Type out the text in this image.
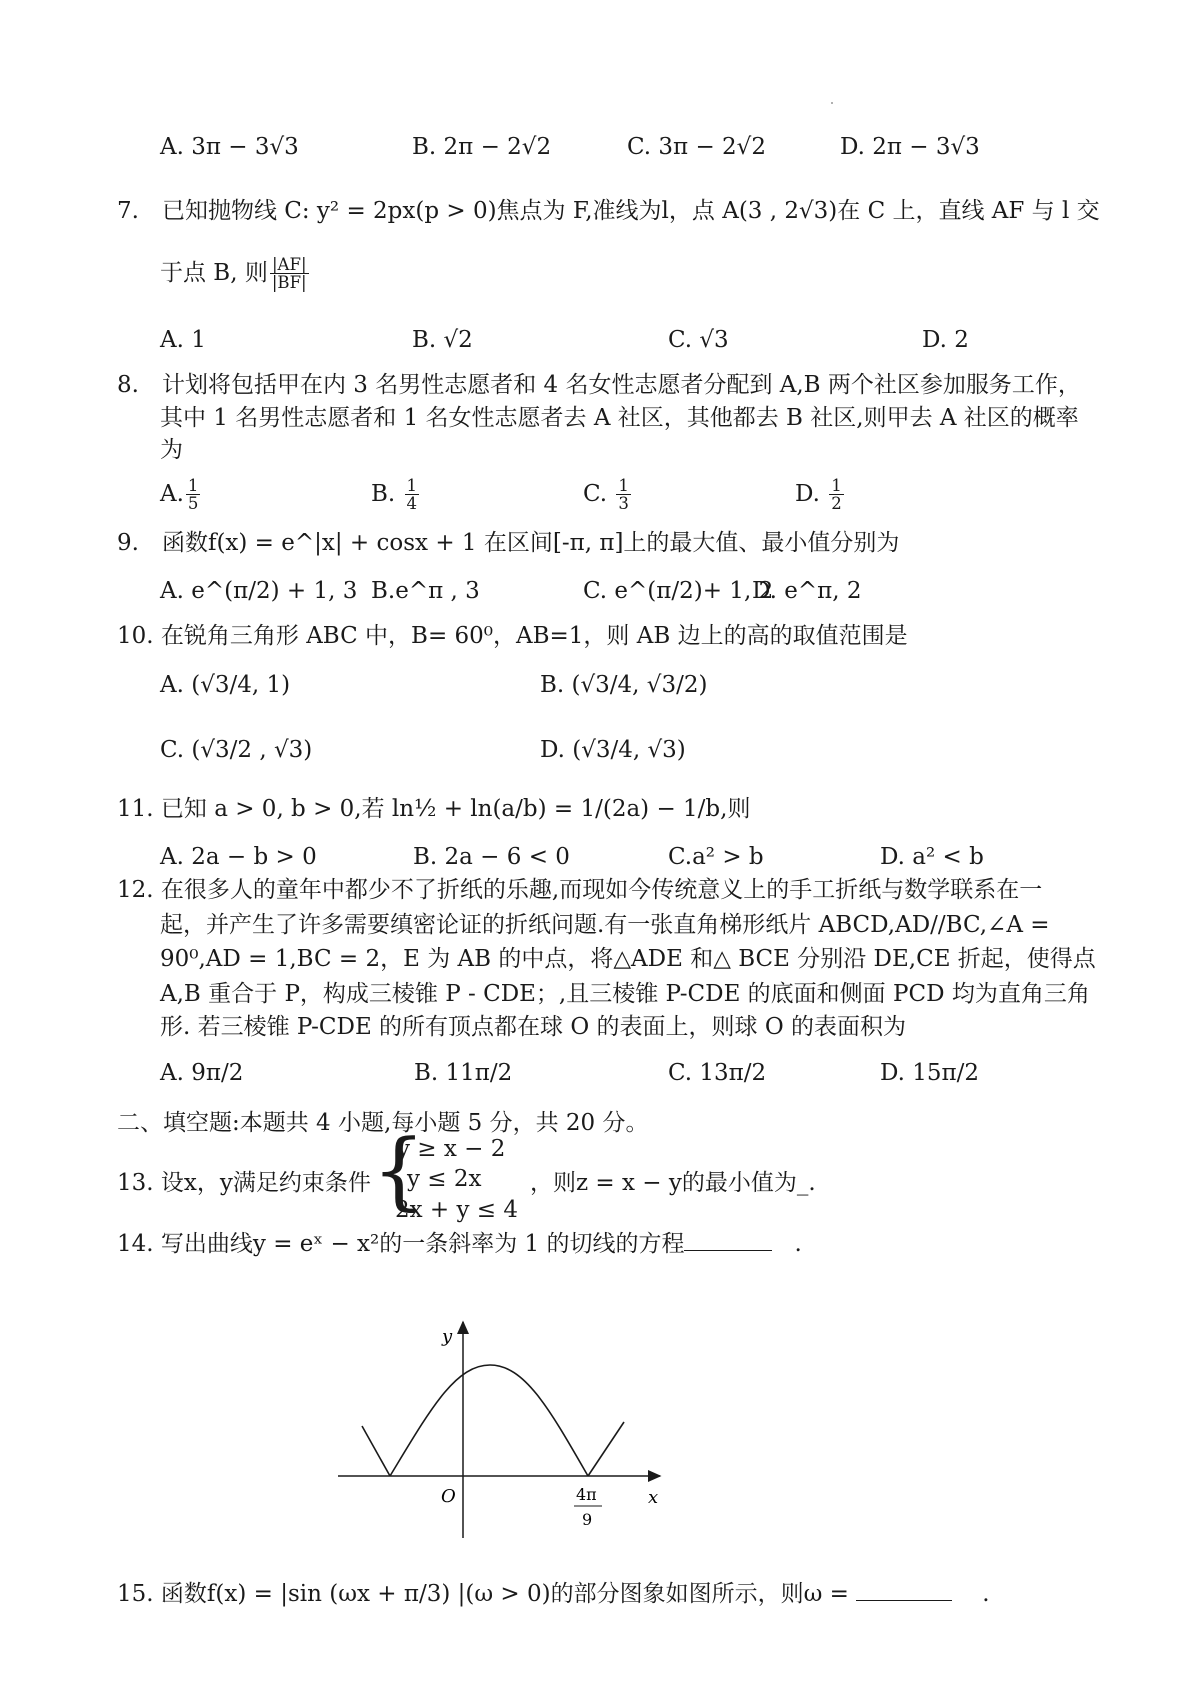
A. 3π − 3√3	B. 2π − 2√2	C. 3π − 2√2	D. 2π − 3√3
7.　已知抛物线 C: y² = 2px(p > 0)焦点为 F,准线为l，点 A(3 , 2√3)在 C 上，直线 AF 与 l 交
于点 B, 则 $\frac{|AF|}{|BF|}$
A. 1	B. √2	C. √3	D. 2
8.　计划将包括甲在内 3 名男性志愿者和 4 名女性志愿者分配到 A,B 两个社区参加服务工作，
其中 1 名男性志愿者和 1 名女性志愿者去 A 社区，其他都去 B 社区,则甲去 A 社区的概率
为
A. $\frac{1}{5}$	B. $\frac{1}{4}$	C. $\frac{1}{3}$	D. $\frac{1}{2}$
9.　函数f(x) = e^|x| + cosx + 1 在区间[-π, π]上的最大值、最小值分别为
A. e^(π/2) + 1, 3 B.e^π , 3	C. e^(π/2)+ 1, 2
D. e^π, 2
10. 在锐角三角形 ABC 中，B= 60⁰，AB=1，则 AB 边上的高的取值范围是
A. (√3/4, 1)	B. (√3/4, √3/2)
C. (√3/2 , √3)	D. (√3/4, √3)
11. 已知 a > 0, b > 0,若 ln½ + ln(a/b) = 1/(2a) − 1/b,则
A. 2a − b > 0	B. 2a − 6 < 0	C.a² > b	D. a² < b
12. 在很多人的童年中都少不了折纸的乐趣,而现如今传统意义上的手工折纸与数学联系在一
起，并产生了许多需要缜密论证的折纸问题.有一张直角梯形纸片 ABCD,AD//BC,∠A =
90⁰,AD = 1,BC = 2，E 为 AB 的中点，将△ADE 和△ BCE 分别沿 DE,CE 折起，使得点
A,B 重合于 P，构成三棱锥 P - CDE；,且三棱锥 P-CDE 的底面和侧面 PCD 均为直角三角
形. 若三棱锥 P-CDE 的所有顶点都在球 O 的表面上，则球 O 的表面积为
A. 9π/2	B. 11π/2	C. 13π/2	D. 15π/2
二、填空题:本题共 4 小题,每小题 5 分，共 20 分。
13. 设x，y满足约束条件 {
y ≥ x − 2
y ≤ 2x
2x + y ≤ 4
，则z = x − y的最小值为_.
14. 写出曲线y = eˣ − x²的一条斜率为 1 的切线的方程	.
y
x
O	4π
9
15. 函数f(x) = |sin (ωx + π/3) |(ω > 0)的部分图象如图所示，则ω =	.
